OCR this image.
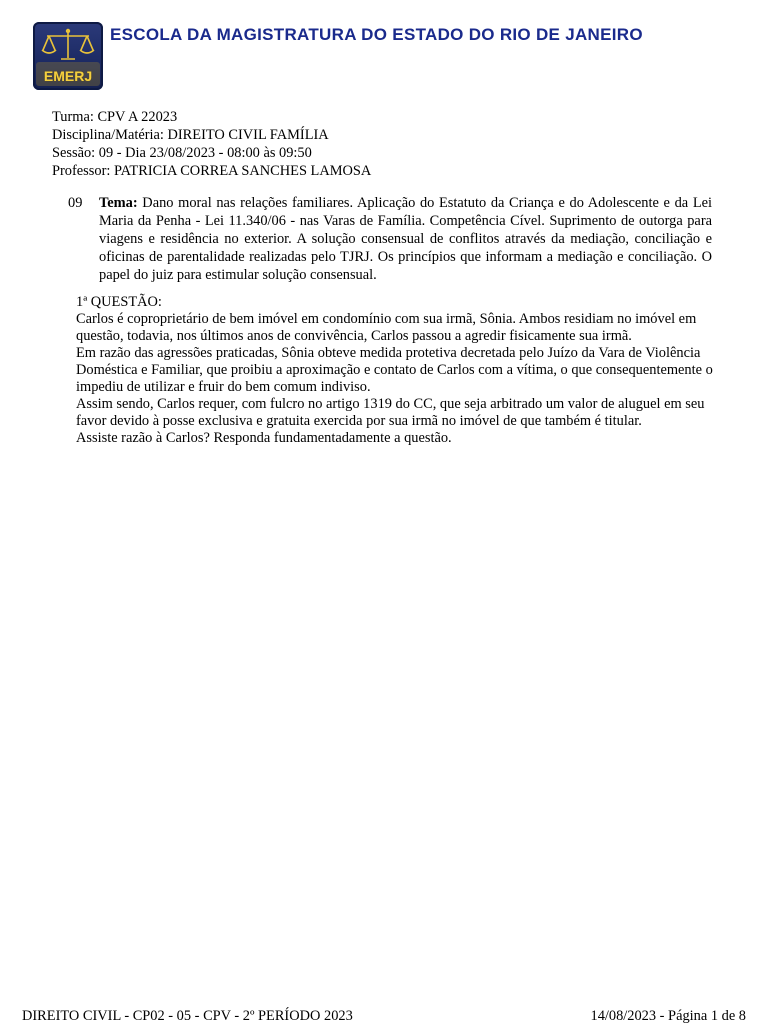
EMERJ
ESCOLA DA MAGISTRATURA DO ESTADO DO RIO DE JANEIRO
Turma: CPV A 22023
Disciplina/Matéria: DIREITO CIVIL FAMÍLIA
Sessão: 09 - Dia 23/08/2023 - 08:00 às 09:50
Professor: PATRICIA CORREA SANCHES LAMOSA
09 Tema: Dano moral nas relações familiares. Aplicação do Estatuto da Criança e do Adolescente e da Lei Maria da Penha - Lei 11.340/06 - nas Varas de Família. Competência Cível. Suprimento de outorga para viagens e residência no exterior. A solução consensual de conflitos através da mediação, conciliação e oficinas de parentalidade realizadas pelo TJRJ. Os princípios que informam a mediação e conciliação. O papel do juiz para estimular solução consensual.

1ª QUESTÃO:

Carlos é coproprietário de bem imóvel em condomínio com sua irmã, Sônia. Ambos residiam no imóvel em questão, todavia, nos últimos anos de convivência, Carlos passou a agredir fisicamente sua irmã.

Em razão das agressões praticadas, Sônia obteve medida protetiva decretada pelo Juízo da Vara de Violência Doméstica e Familiar, que proibiu a aproximação e contato de Carlos com a vítima, o que consequentemente o impediu de utilizar e fruir do bem comum indiviso.

Assim sendo, Carlos requer, com fulcro no artigo 1319 do CC, que seja arbitrado um valor de aluguel em seu favor devido à posse exclusiva e gratuita exercida por sua irmã no imóvel de que também é titular.

Assiste razão à Carlos? Responda fundamentadamente a questão.

DIREITO CIVIL - CP02 - 05 - CPV - 2º PERÍODO 2023	14/08/2023 - Página 1 de 8
